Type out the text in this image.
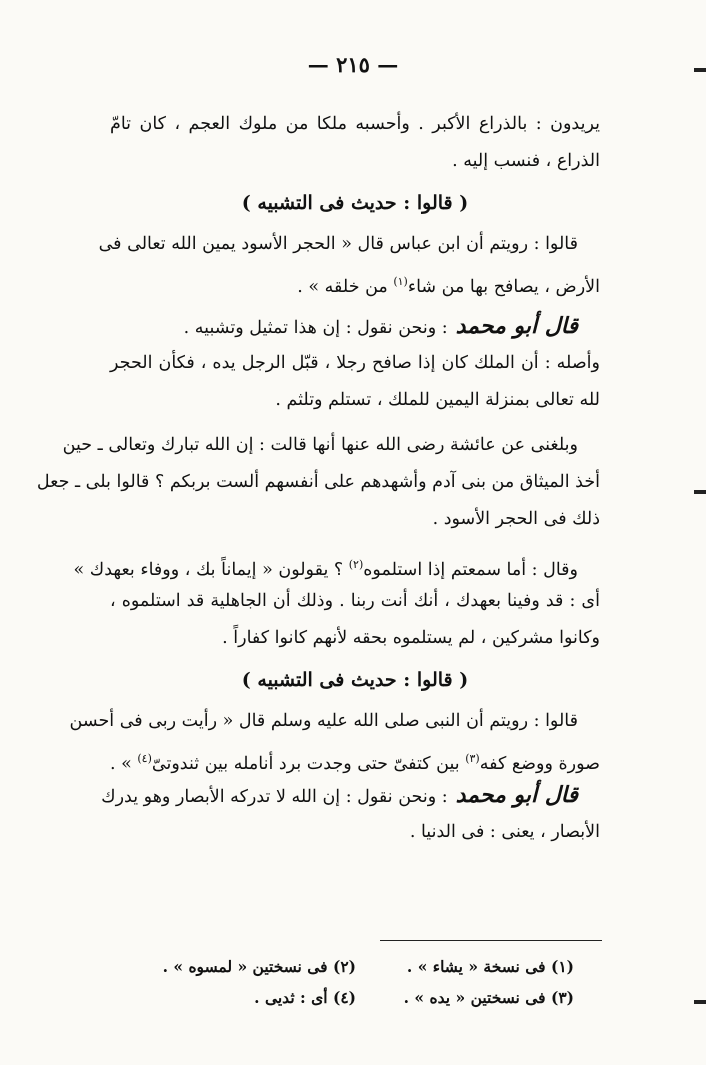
— ٢١٥ —
يريدون : بالذراع الأكبر . وأحسبه ملكا من ملوك العجم ، كان تامّ
الذراع ، فنسب إليه .
( قالوا : حديث فى التشبيه )
قالوا : رويتم أن ابن عباس قال « الحجر الأسود يمين الله تعالى فى
الأرض ، يصافح بها من شاء$^{(١)}$ من خلقه » .
قال أبو محمد: ونحن نقول : إن هذا تمثيل وتشبيه .
وأصله : أن الملك كان إذا صافح رجلا ، قبّل الرجل يده ، فكأن الحجر
لله تعالى بمنزلة اليمين للملك ، تستلم وتلثم .
وبلغنى عن عائشة رضى الله عنها أنها قالت : إن الله تبارك وتعالى ـ حين
أخذ الميثاق من بنى آدم وأشهدهم على أنفسهم ألست بربكم ؟ قالوا بلى ـ جعل
ذلك فى الحجر الأسود .
وقال : أما سمعتم إذا استلموه$^{(٢)}$ ؟ يقولون « إيماناً بك ، ووفاء بعهدك »
أى : قد وفينا بعهدك ، أنك أنت ربنا . وذلك أن الجاهلية قد استلموه ،
وكانوا مشركين ، لم يستلموه بحقه لأنهم كانوا كفاراً .
( قالوا : حديث فى التشبيه )
قالوا : رويتم أن النبى صلى الله عليه وسلم قال « رأيت ربى فى أحسن
صورة ووضع كفه$^{(٣)}$ بين كتفىّ حتى وجدت برد أنامله بين ثندوتىّ$^{(٤)}$ » .
قال أبو محمد: ونحن نقول : إن الله لا تدركه الأبصار وهو يدرك
الأبصار ، يعنى : فى الدنيا .
(١) فى نسخة « يشاء » .
(٢) فى نسختين « لمسوه » .
(٣) فى نسختين « يده » .
(٤) أى : ثديى .
